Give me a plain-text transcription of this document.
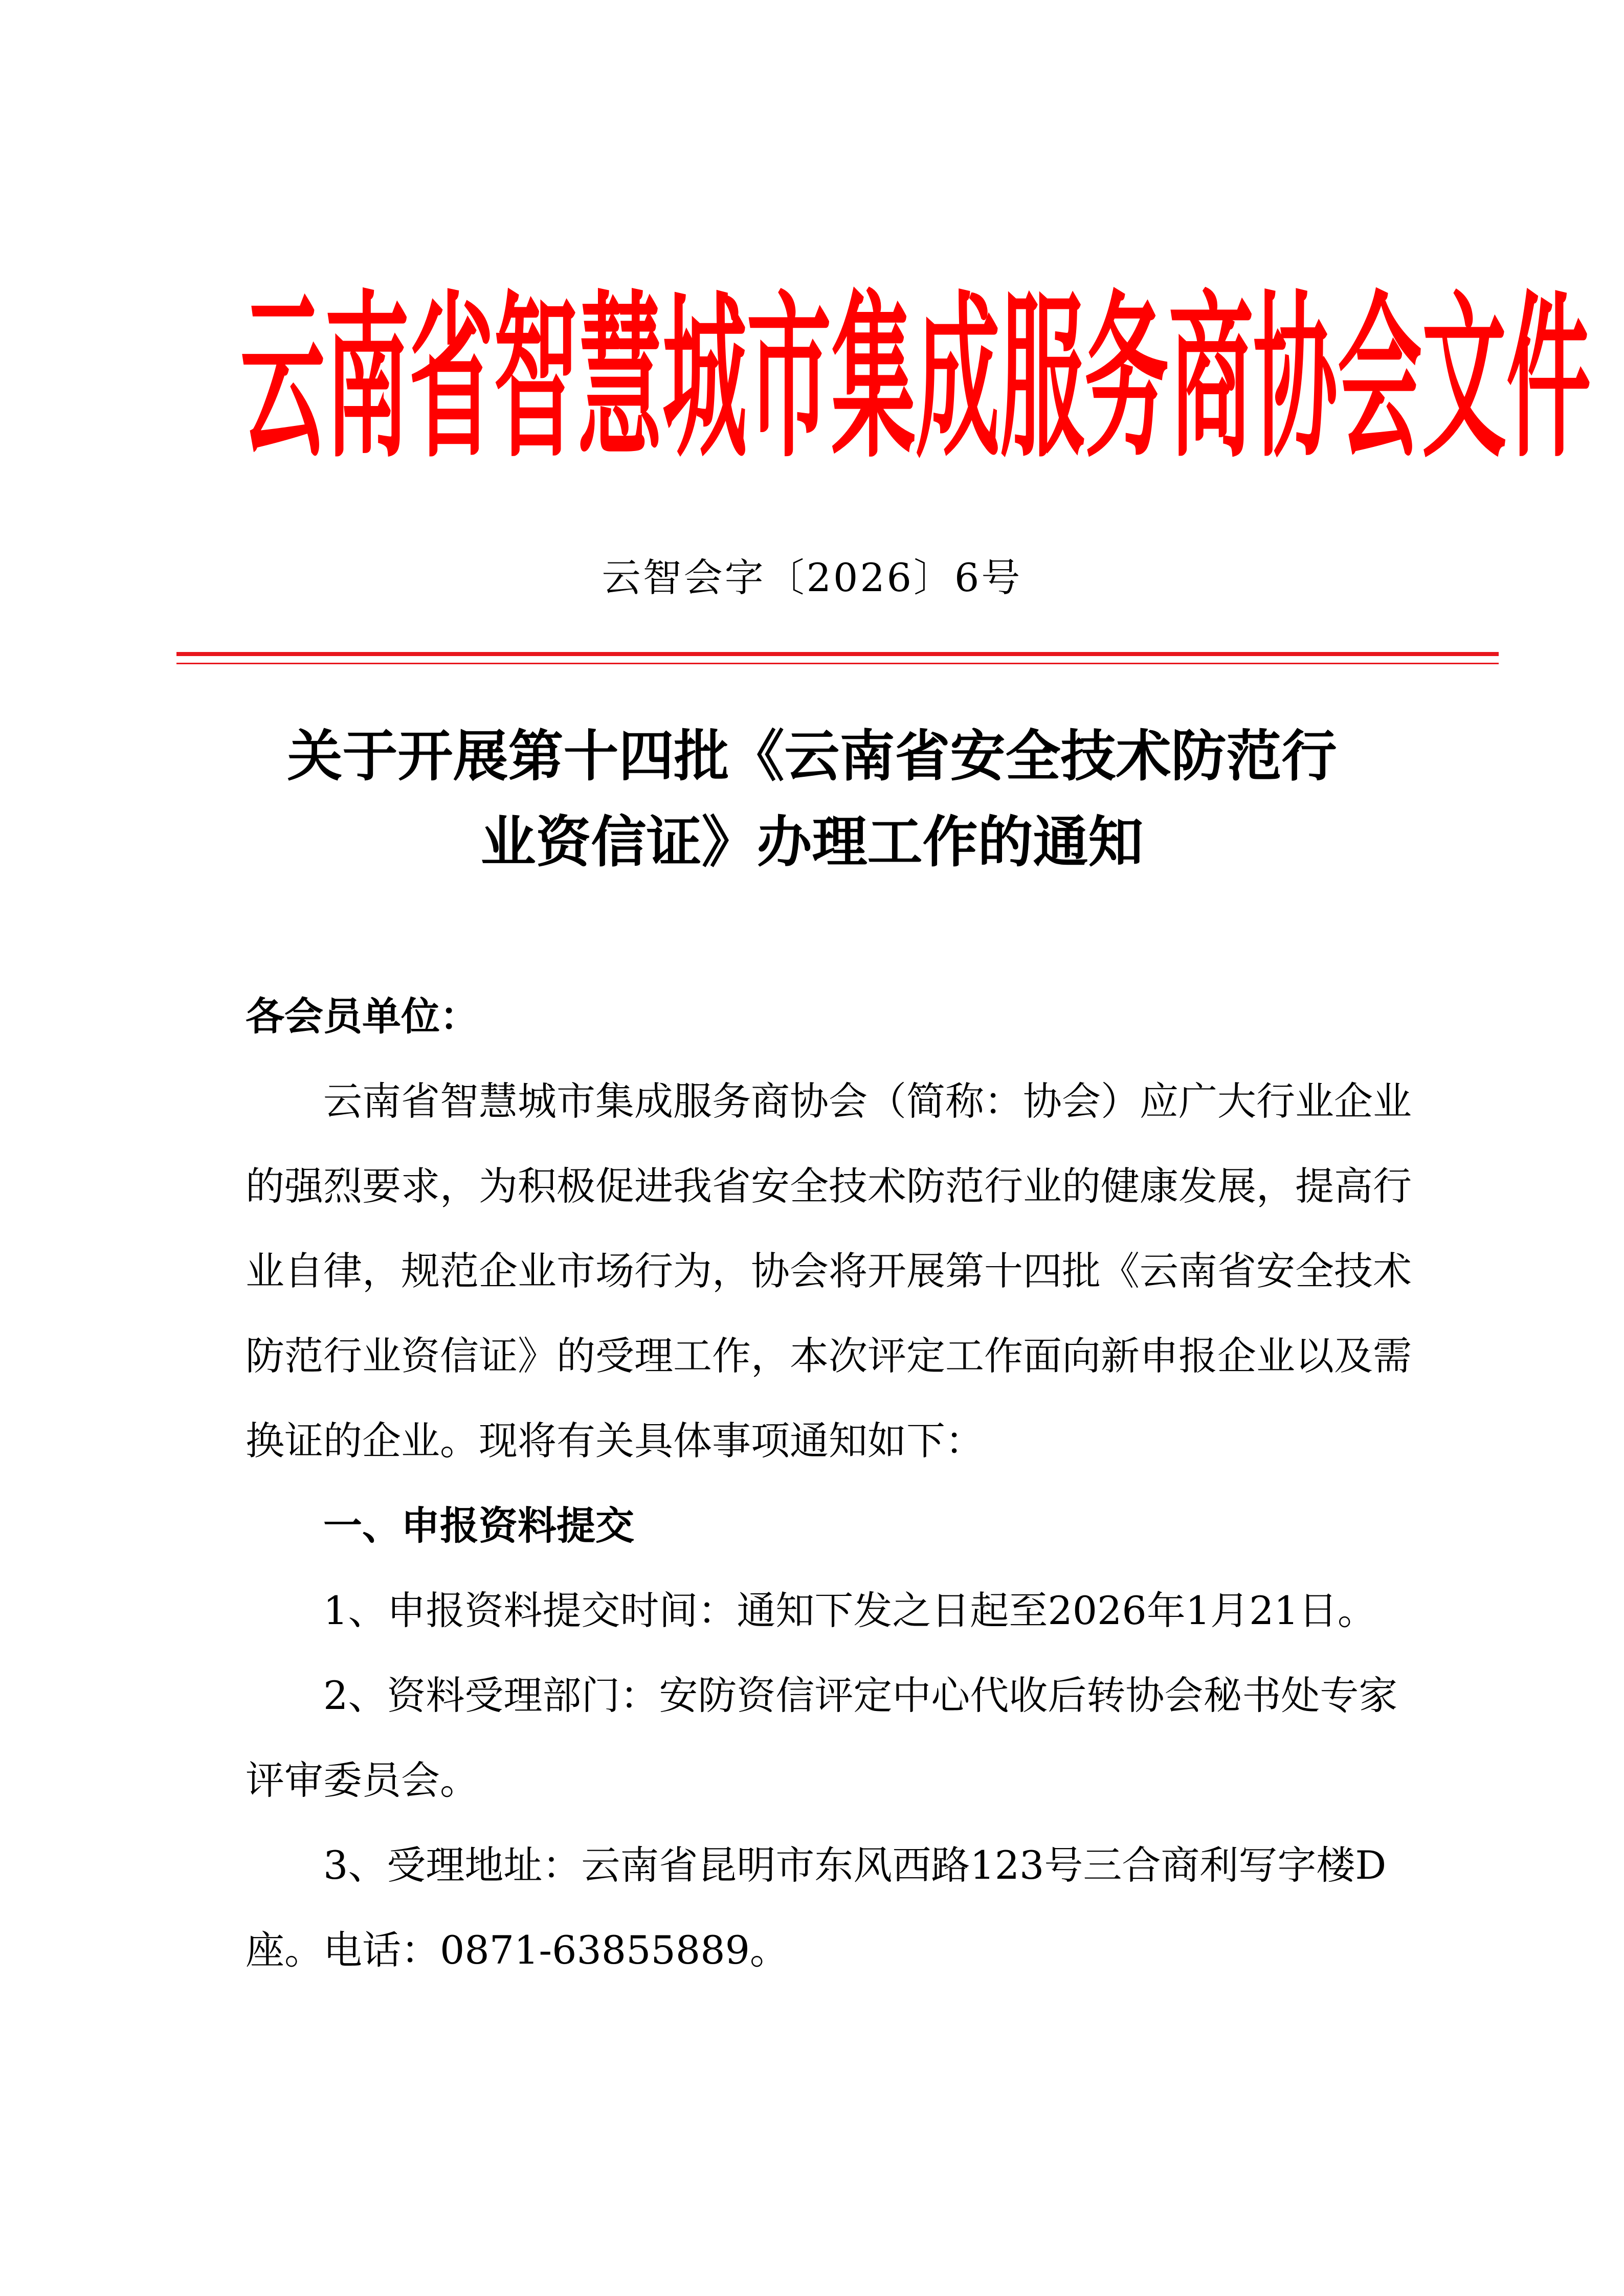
云 南 省 智 慧 城 市 集 成 服 务 商 协 会 文 件
云智会字〔2026〕6号
关于开展第十四批《云南省安全技术防范行
业资信证》办理工作的通知
各会员单位：
云南省智慧城市集成服务商协会（简称：协会）应广大行业企业
的强烈要求，为积极促进我省安全技术防范行业的健康发展，提高行
业自律，规范企业市场行为，协会将开展第十四批《云南省安全技术
防范行业资信证》的受理工作，本次评定工作面向新申报企业以及需
换证的企业。现将有关具体事项通知如下：
一、申报资料提交
1、申报资料提交时间：通知下发之日起至2026年1月21日。
2、资料受理部门：安防资信评定中心代收后转协会秘书处专家
评审委员会。
3、受理地址：云南省昆明市东风西路123号三合商利写字楼D
座。电话：0871-63855889。
